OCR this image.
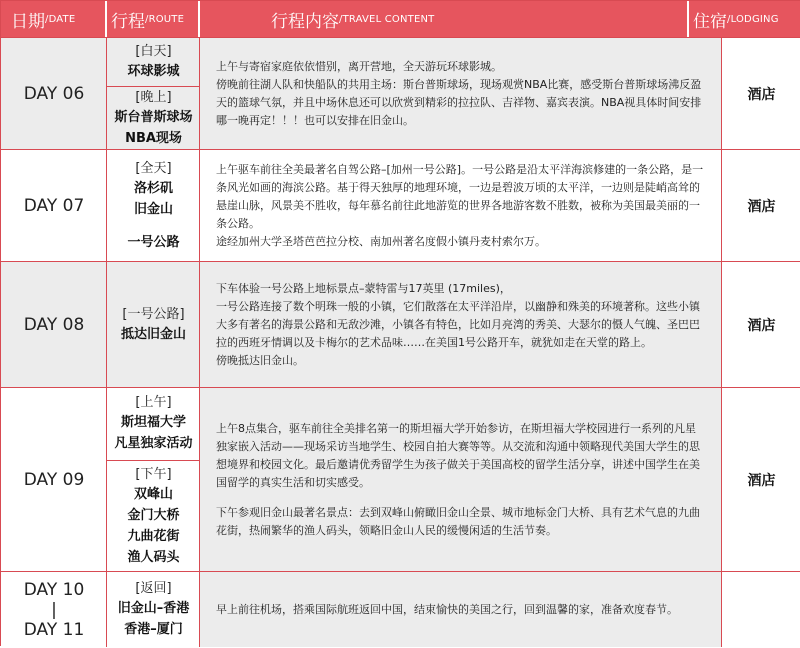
日期 /DATE 行程 /ROUTE	行程内容 /TRAVEL CONTENT	住宿 /LODGING
DAY 06
[白天]
环球影城
[晚上]
斯台普斯球场
NBA现场
上午与寄宿家庭依依惜别，离开营地，全天游玩环球影城。
傍晚前往湖人队和快船队的共用主场：斯台普斯球场，现场观赏NBA比赛，感受斯台普斯球场沸反盈天的篮球气氛，并且中场休息还可以欣赏到精彩的拉拉队、吉祥物、嘉宾表演。NBA视具体时间安排哪一晚再定！！！也可以安排在旧金山。
酒店
DAY 07
[全天]
洛杉矶
旧金山
一号公路
上午驱车前往全美最著名自驾公路–[加州一号公路]。一号公路是沿太平洋海滨修建的一条公路，是一条风光如画的海滨公路。基于得天独厚的地理环境，一边是碧波万顷的太平洋，一边则是陡峭高耸的悬崖山脉，风景美不胜收，每年慕名前往此地游览的世界各地游客数不胜数，被称为美国最美丽的一条公路。
途经加州大学圣塔芭芭拉分校、南加州著名度假小镇丹麦村索尔万。
酒店
DAY 08
[一号公路]
抵达旧金山
下车体验一号公路上地标景点–蒙特雷与17英里 (17miles)，
一号公路连接了数个明珠一般的小镇，它们散落在太平洋沿岸，以幽静和殊美的环境著称。这些小镇大多有著名的海景公路和无敌沙滩，小镇各有特色，比如月亮湾的秀美、大瑟尔的慑人气魄、圣巴巴拉的西班牙情调以及卡梅尔的艺术品味……在美国1号公路开车，就犹如走在天堂的路上。
傍晚抵达旧金山。
酒店
DAY 09
[上午]
斯坦福大学
凡星独家活动
[下午]
双峰山
金门大桥
九曲花街
渔人码头
上午8点集合，驱车前往全美排名第一的斯坦福大学开始参访，在斯坦福大学校园进行一系列的凡星独家嵌入活动——现场采访当地学生、校园自拍大赛等等。从交流和沟通中领略现代美国大学生的思想境界和校园文化。最后邀请优秀留学生为孩子做关于美国高校的留学生活分享，讲述中国学生在美国留学的真实生活和切实感受。
下午参观旧金山最著名景点：去到双峰山俯瞰旧金山全景、城市地标金门大桥、具有艺术气息的九曲花街，热闹繁华的渔人码头，领略旧金山人民的缓慢闲适的生活节奏。
酒店
DAY 10
|
DAY 11
[返回]
旧金山–香港
香港–厦门
早上前往机场，搭乘国际航班返回中国，结束愉快的美国之行，回到温馨的家，准备欢度春节。
